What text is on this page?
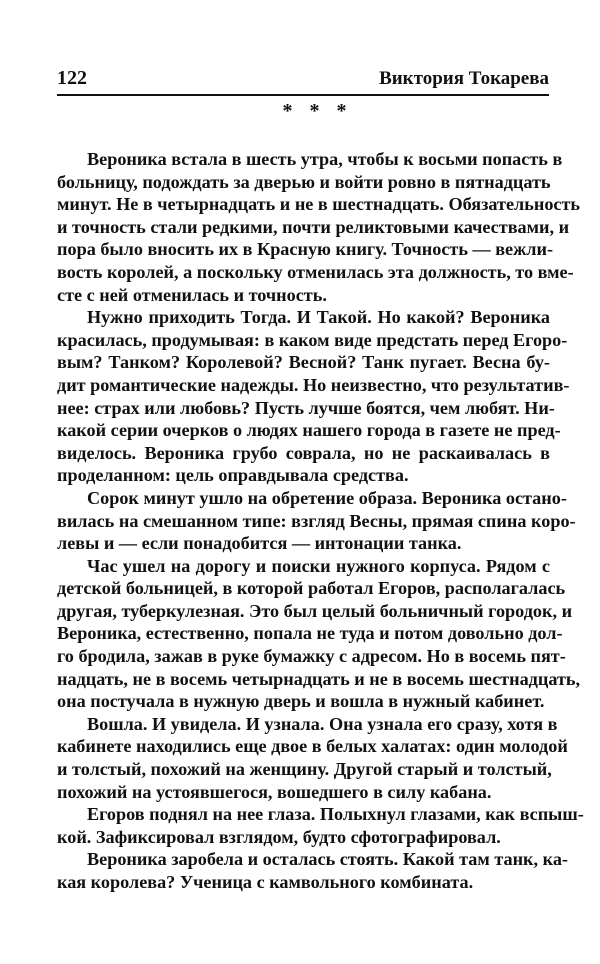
122	Виктория Токарева
* * *
Вероника встала в шесть утра, чтобы к восьми попасть в
больницу, подождать за дверью и войти ровно в пятнадцать
минут. Не в четырнадцать и не в шестнадцать. Обязательность
и точность стали редкими, почти реликтовыми качествами, и
пора было вносить их в Красную книгу. Точность — вежли-
вость королей, а поскольку отменилась эта должность, то вме-
сте с ней отменилась и точность.
Нужно приходить Тогда. И Такой. Но какой? Вероника
красилась, продумывая: в каком виде предстать перед Егоро-
вым? Танком? Королевой? Весной? Танк пугает. Весна бу-
дит романтические надежды. Но неизвестно, что результатив-
нее: страх или любовь? Пусть лучше боятся, чем любят. Ни-
какой серии очерков о людях нашего города в газете не пред-
виделось. Вероника грубо соврала, но не раскаивалась в
проделанном: цель оправдывала средства.
Сорок минут ушло на обретение образа. Вероника остано-
вилась на смешанном типе: взгляд Весны, прямая спина коро-
левы и — если понадобится — интонации танка.
Час ушел на дорогу и поиски нужного корпуса. Рядом с
детской больницей, в которой работал Егоров, располагалась
другая, туберкулезная. Это был целый больничный городок, и
Вероника, естественно, попала не туда и потом довольно дол-
го бродила, зажав в руке бумажку с адресом. Но в восемь пят-
надцать, не в восемь четырнадцать и не в восемь шестнадцать,
она постучала в нужную дверь и вошла в нужный кабинет.
Вошла. И увидела. И узнала. Она узнала его сразу, хотя в
кабинете находились еще двое в белых халатах: один молодой
и толстый, похожий на женщину. Другой старый и толстый,
похожий на устоявшегося, вошедшего в силу кабана.
Егоров поднял на нее глаза. Полыхнул глазами, как вспыш-
кой. Зафиксировал взглядом, будто сфотографировал.
Вероника заробела и осталась стоять. Какой там танк, ка-
кая королева? Ученица с камвольного комбината.
